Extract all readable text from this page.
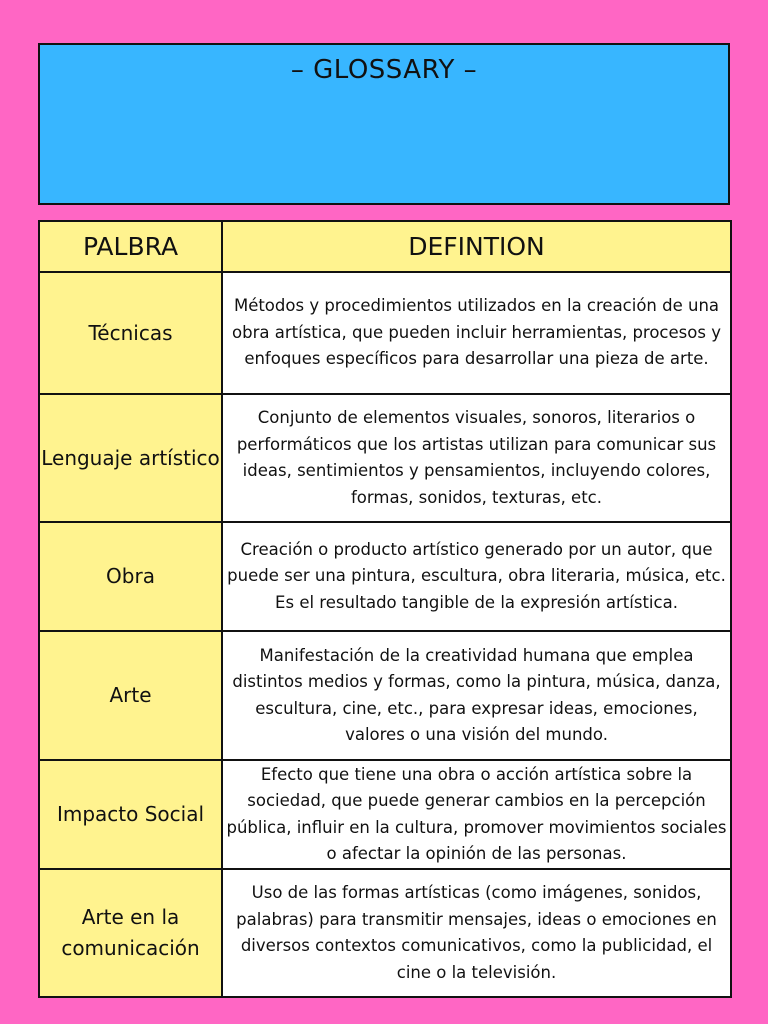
– GLOSSARY –
PALBRA	DEFINTION
Técnicas	Métodos y procedimientos utilizados en la creación de una obra artística, que pueden incluir herramientas, procesos y enfoques específicos para desarrollar una pieza de arte.
Lenguaje artístico	Conjunto de elementos visuales, sonoros, literarios o performáticos que los artistas utilizan para comunicar sus ideas, sentimientos y pensamientos, incluyendo colores, formas, sonidos, texturas, etc.
Obra	Creación o producto artístico generado por un autor, que puede ser una pintura, escultura, obra literaria, música, etc. Es el resultado tangible de la expresión artística.
Arte	Manifestación de la creatividad humana que emplea distintos medios y formas, como la pintura, música, danza, escultura, cine, etc., para expresar ideas, emociones, valores o una visión del mundo.
Impacto Social	Efecto que tiene una obra o acción artística sobre la sociedad, que puede generar cambios en la percepción pública, influir en la cultura, promover movimientos sociales o afectar la opinión de las personas.
Arte en la comunicación	Uso de las formas artísticas (como imágenes, sonidos, palabras) para transmitir mensajes, ideas o emociones en diversos contextos comunicativos, como la publicidad, el cine o la televisión.
